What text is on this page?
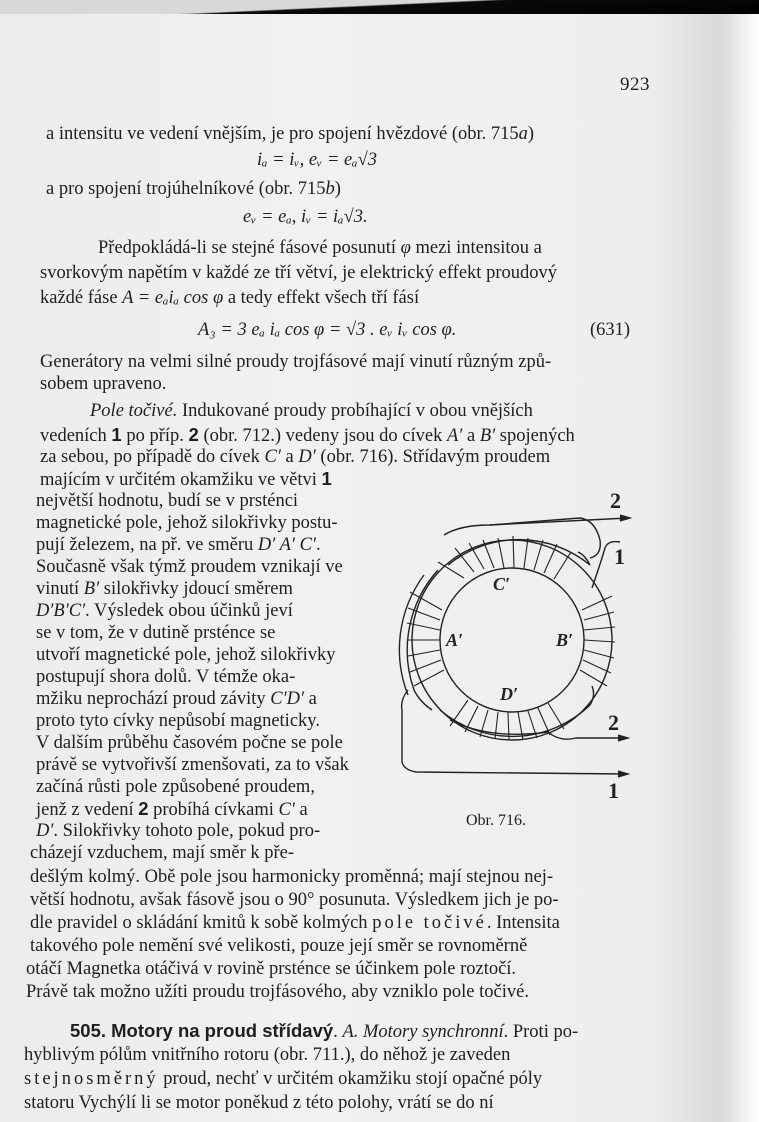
923
a intensitu ve vedení vnějším, je pro spojení hvězdové (obr. 715a)
iₐ = iᵥ, eᵥ = eₐ√3
a pro spojení trojúhelníkové (obr. 715b)
eᵥ = eₐ, iᵥ = iₐ√3.
Předpokládá-li se stejné fásové posunutí φ mezi intensitou a
svorkovým napětím v každé ze tří větví, je elektrický effekt proudový
každé fáse A = eₐiₐ cos φ a tedy effekt všech tří fásí
A₃ = 3 eₐ iₐ cos φ = √3 . eᵥ iᵥ cos φ.	(631)
Generátory na velmi silné proudy trojfásové mají vinutí různým způ-
sobem upraveno.
Pole točivé. Indukované proudy probíhající v obou vnějších
vedeních 1 po příp. 2 (obr. 712.) vedeny jsou do cívek A′ a B′ spojených
za sebou, po případě do cívek C′ a D′ (obr. 716). Střídavým proudem
majícím v určitém okamžiku ve větvi 1
největší hodnotu, budí se v prsténci
magnetické pole, jehož silokřivky postu-
pují železem, na př. ve směru D′ A′ C′.
Současně však týmž proudem vznikají ve
vinutí B′ silokřivky jdoucí směrem
D′B′C′. Výsledek obou účinků jeví
se v tom, že v dutině prsténce se
utvoří magnetické pole, jehož silokřivky
postupují shora dolů. V témže oka-
mžiku neprochází proud závity C′D′ a
proto tyto cívky nepůsobí magneticky.
V dalším průběhu časovém počne se pole
právě se vytvořivší zmenšovati, za to však
začíná růsti pole způsobené proudem,
jenž z vedení 2 probíhá cívkami C′ a
D′. Silokřivky tohoto pole, pokud pro-
cházejí vzduchem, mají směr k pře-
dešlým kolmý. Obě pole jsou harmonicky proměnná; mají stejnou nej-
větší hodnotu, avšak fásově jsou o 90° posunuta. Výsledkem jich je po-
dle pravidel o skládání kmitů k sobě kolmých pole točivé. Intensita
takového pole nemění své velikosti, pouze její směr se rovnoměrně
otáčí Magnetka otáčivá v rovině prsténce se účinkem pole roztočí.
Právě tak možno užíti proudu trojfásového, aby vzniklo pole točivé.
505. Motory na proud střídavý. A. Motory synchronní. Proti po-
hyblivým pólům vnitřního rotoru (obr. 711.), do něhož je zaveden
stejnosměrný proud, nechť v určitém okamžiku stojí opačné póly
statoru Vychýlí li se motor poněkud z této polohy, vrátí se do ní
C′
A′	B′
D′
2
1
2
1
Obr. 716.
